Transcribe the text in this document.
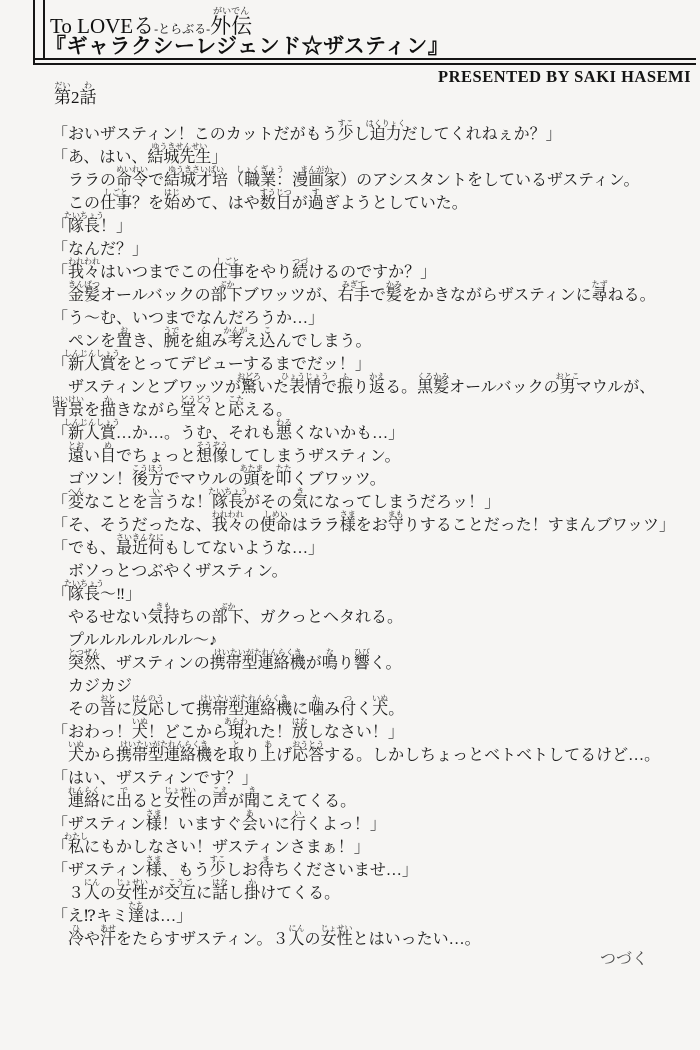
To LOVEる-とらぶる-外伝
がいでん
『ギャラクシーレジェンド☆ザスティン』
PRESENTED BY SAKI HASEMI
第
だい
2話
わ
「おいザスティン！このカットだがもう少
すこ
し迫力
はくりょく
だしてくれねぇか？」
「あ、はい、結城先生
ゆうきせんせい
」
ララの命令
めいれい
で結城才培
ゆうきさいばい
（職業
しょくぎょう
：漫画家
まんがか
）のアシスタントをしているザスティン。
この仕事
しごと
？を始
はじ
めて、はや数日
すうじつ
が過
す
ぎようとしていた。
「隊長
たいちょう
！」
「なんだ？」
「我々
われわれ
はいつまでこの仕事
しごと
をやり続
つづ
けるのですか？」
金髪
きんぱつ
オールバックの部下
ぶか
ブワッツが、右手
みぎて
で髪
かみ
をかきながらザスティンに尋
たず
ねる。
「う〜む、いつまでなんだろうか…」
ペンを置
お
き、腕
うで
を組
く
み考
かんが
え込
こ
んでしまう。
「新人賞
しんじんしょう
をとってデビューするまでだッ！」
ザスティンとブワッツが驚
おどろ
いた表情
ひょうじょう
で振
ふ
り返
かえ
る。黒髪
くろかみ
オールバックの男
おとこ
マウルが、
背景
はいけい
を描
か
きながら堂々
どうどう
と応
こた
える。
「新人賞
しんじんしょう
…か…。うむ、それも悪
わる
くないかも…」
遠
とお
い目
め
でちょっと想像
そうぞう
してしまうザスティン。
ゴツン！後方
こうほう
でマウルの頭
あたま
を叩
たた
くブワッツ。
「変
へん
なことを言
い
うな！隊長
たいちょう
がその気
き
になってしまうだろッ！」
「そ、そうだったな、我々
われわれ
の使命
しめい
はララ様
さま
をお守
まも
りすることだった！すまんブワッツ」
「でも、最近
さいきん
何
なに
もしてないような…」
ボソっとつぶやくザスティン。
「隊長
たいちょう
〜‼」
やるせない気持
きも
ちの部下
ぶか
、ガクっとヘタれる。
プルルルルルルル〜♪
突然
とつぜん
、ザスティンの携帯型連絡機
けいたいがたれんらくき
が鳴
な
り響
ひび
く。
カジカジ
その音
おと
に反応
はんのう
して携帯型連絡機
けいたいがたれんらくき
に噛
か
み付
つ
く犬
いぬ
。
「おわっ！犬
いぬ
！どこから現
あらわ
れた！放
はな
しなさい！」
犬
いぬ
から携帯型連絡機
けいたいがたれんらくき
を取
と
り上
あ
げ応答
おうとう
する。しかしちょっとベトベトしてるけど…。
「はい、ザスティンです？」
連絡
れんらく
に出
で
ると女性
じょせい
の声
こえ
が聞
き
こえてくる。
「ザスティン様
さま
！いますぐ会
あ
いに行
い
くよっ！」
「私
わたし
にもかしなさい！ザスティンさまぁ！」
「ザスティン様
さま
、もう少
すこ
しお待
ま
ちくださいませ…」
３人
にん
の女性
じょせい
が交互
こうご
に話
はな
し掛
か
けてくる。
「え⁉キミ達
たち
は…」
冷
ひ
や汗
あせ
をたらすザスティン。３人
にん
の女性
じょせい
とはいったい…。
つづく
